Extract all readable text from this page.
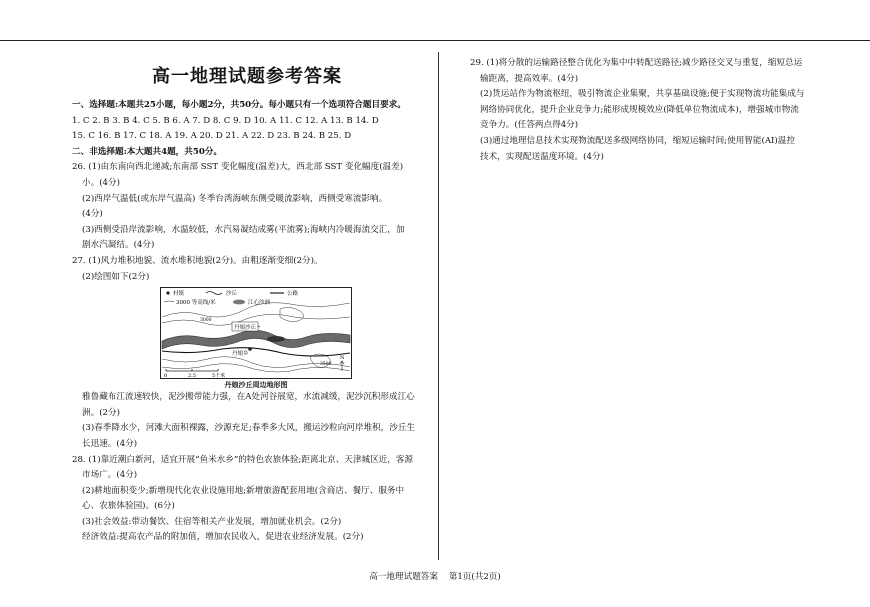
高一地理试题参考答案
一、选择题:本题共25小题，每小题2分，共50分。每小题只有一个选项符合题目要求。
1. C 2. B 3. B 4. C 5. B 6. A 7. D 8. C 9. D 10. A 11. C 12. A 13. B 14. D
15. C 16. B 17. C 18. A 19. A 20. D 21. A 22. D 23. B 24. B 25. D
二、非选择题:本大题共4题，共50分。
26. (1)由东南向西北递减;东南部 SST 变化幅度(温差)大，西北部 SST 变化幅度(温差)
小。(4分)
(2)西岸气温低(或东岸气温高) 冬季台湾海峡东侧受暖流影响，西侧受寒流影响。
(4分)
(3)西侧受沿岸流影响，水温较低，水汽易凝结成雾(平流雾);海峡内冷暖海流交汇，加
剧水汽凝结。(4分)
27. (1)风力堆积地貌、流水堆积地貌(2分)。由粗逐渐变细(2分)。
(2)绘图如下(2分)
村镇	沙丘	公路
3000 等高线/米	江心沙洲
丹娘沙丘
丹娘乡
3000
3500
N
0	2.5	5千米
丹娘沙丘周边地形图
雅鲁藏布江流速较快，泥沙搬带能力强，在A处河谷展宽，水流减缓，泥沙沉积形成江心
洲。(2分)
(3)春季降水少，河滩大面积裸露，沙源充足;春季多大风，搬运沙粒向河岸堆积，沙丘生
长迅速。(4分)
28. (1)靠近潮白新河，适宜开展“鱼米水乡”的特色农旅体验;距离北京、天津城区近，客源
市场广。(4分)
(2)耕地面积变少;新增现代化农业设施用地;新增旅游配套用地(含商店、餐厅、服务中
心、农旅体验园)。(6分)
(3)社会效益:带动餐饮、住宿等相关产业发展，增加就业机会。(2分)
经济效益:提高农产品的附加值，增加农民收入，促进农业经济发展。(2分)
29. (1)将分散的运输路径整合优化为集中中转配送路径;减少路径交叉与重复，缩短总运
输距离，提高效率。(4分)
(2)货运站作为物流枢纽，吸引物流企业集聚，共享基础设施;便于实现物流功能集成与
网络协同优化，提升企业竞争力;能形成规模效应(降低单位物流成本)，增强城市物流
竞争力。(任答两点得4分)
(3)通过地理信息技术实现物流配送多级网络协同，缩短运输时间;使用智能(AI)温控
技术，实现配送温度环境。(4分)
高一地理试题答案 第1页(共2页)
